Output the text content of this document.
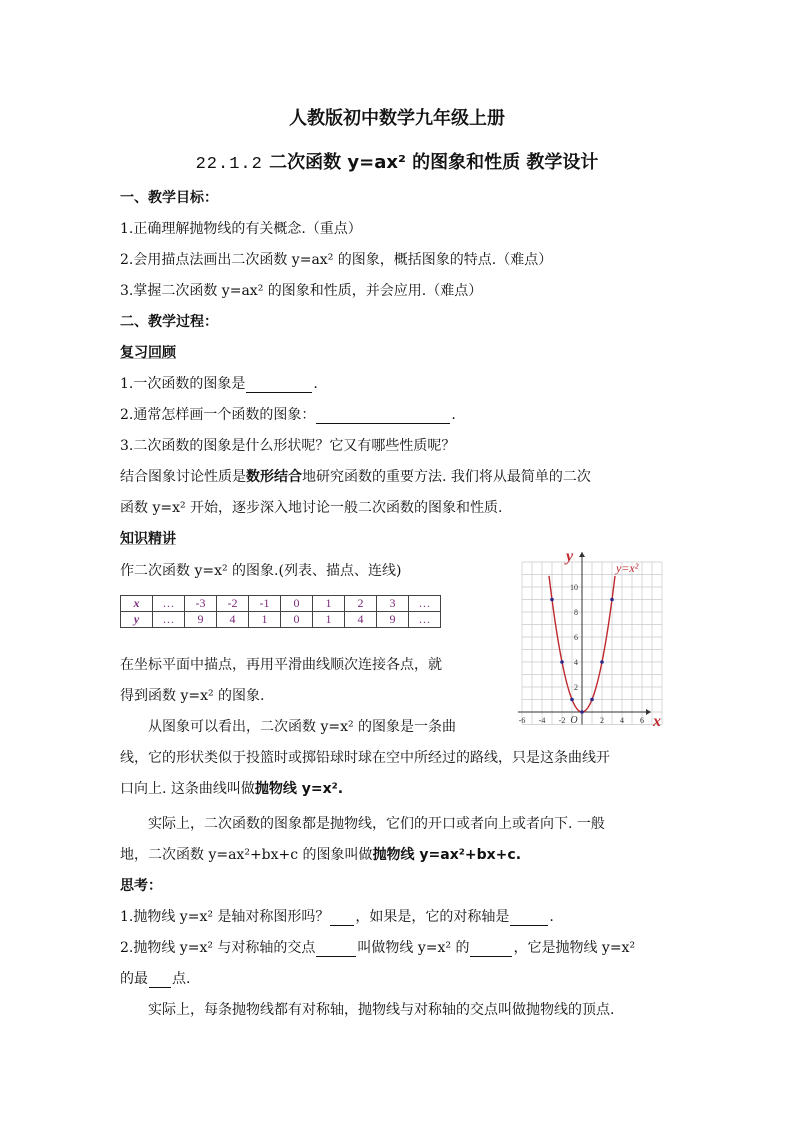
人教版初中数学九年级上册
22.1.2 二次函数 y=ax² 的图象和性质 教学设计
一、教学目标：
1.正确理解抛物线的有关概念.（重点）
2.会用描点法画出二次函数 y=ax² 的图象，概括图象的特点.（难点）
3.掌握二次函数 y=ax² 的图象和性质，并会应用.（难点）
二、教学过程：
复习回顾
1.一次函数的图象是	.
2.通常怎样画一个函数的图象：	.
3.二次函数的图象是什么形状呢？它又有哪些性质呢？
结合图象讨论性质是数形结合地研究函数的重要方法. 我们将从最简单的二次
函数 y=x² 开始，逐步深入地讨论一般二次函数的图象和性质.
知识精讲
作二次函数 y=x² 的图象.(列表、描点、连线)
x	…	-3	-2	-1	0	1	2	3	…
y	…	9	4	1	0	1	4	9	…
在坐标平面中描点，再用平滑曲线顺次连接各点，就
得到函数 y=x² 的图象.
从图象可以看出，二次函数 y=x² 的图象是一条曲
线，它的形状类似于投篮时或掷铅球时球在空中所经过的路线，只是这条曲线开
口向上. 这条曲线叫做抛物线 y=x².
实际上，二次函数的图象都是抛物线，它们的开口或者向上或者向下. 一般
地，二次函数 y=ax²+bx+c 的图象叫做抛物线 y=ax²+bx+c.
思考：
1.抛物线 y=x² 是轴对称图形吗？ ，如果是，它的对称轴是	.
2.抛物线 y=x² 与对称轴的交点	叫做物线 y=x² 的	，它是抛物线 y=x²
的最 点.
实际上，每条抛物线都有对称轴，抛物线与对称轴的交点叫做抛物线的顶点.
-6 -4 -2 O	2 4 6
2
4
6
8
10
y
x
y=x²
